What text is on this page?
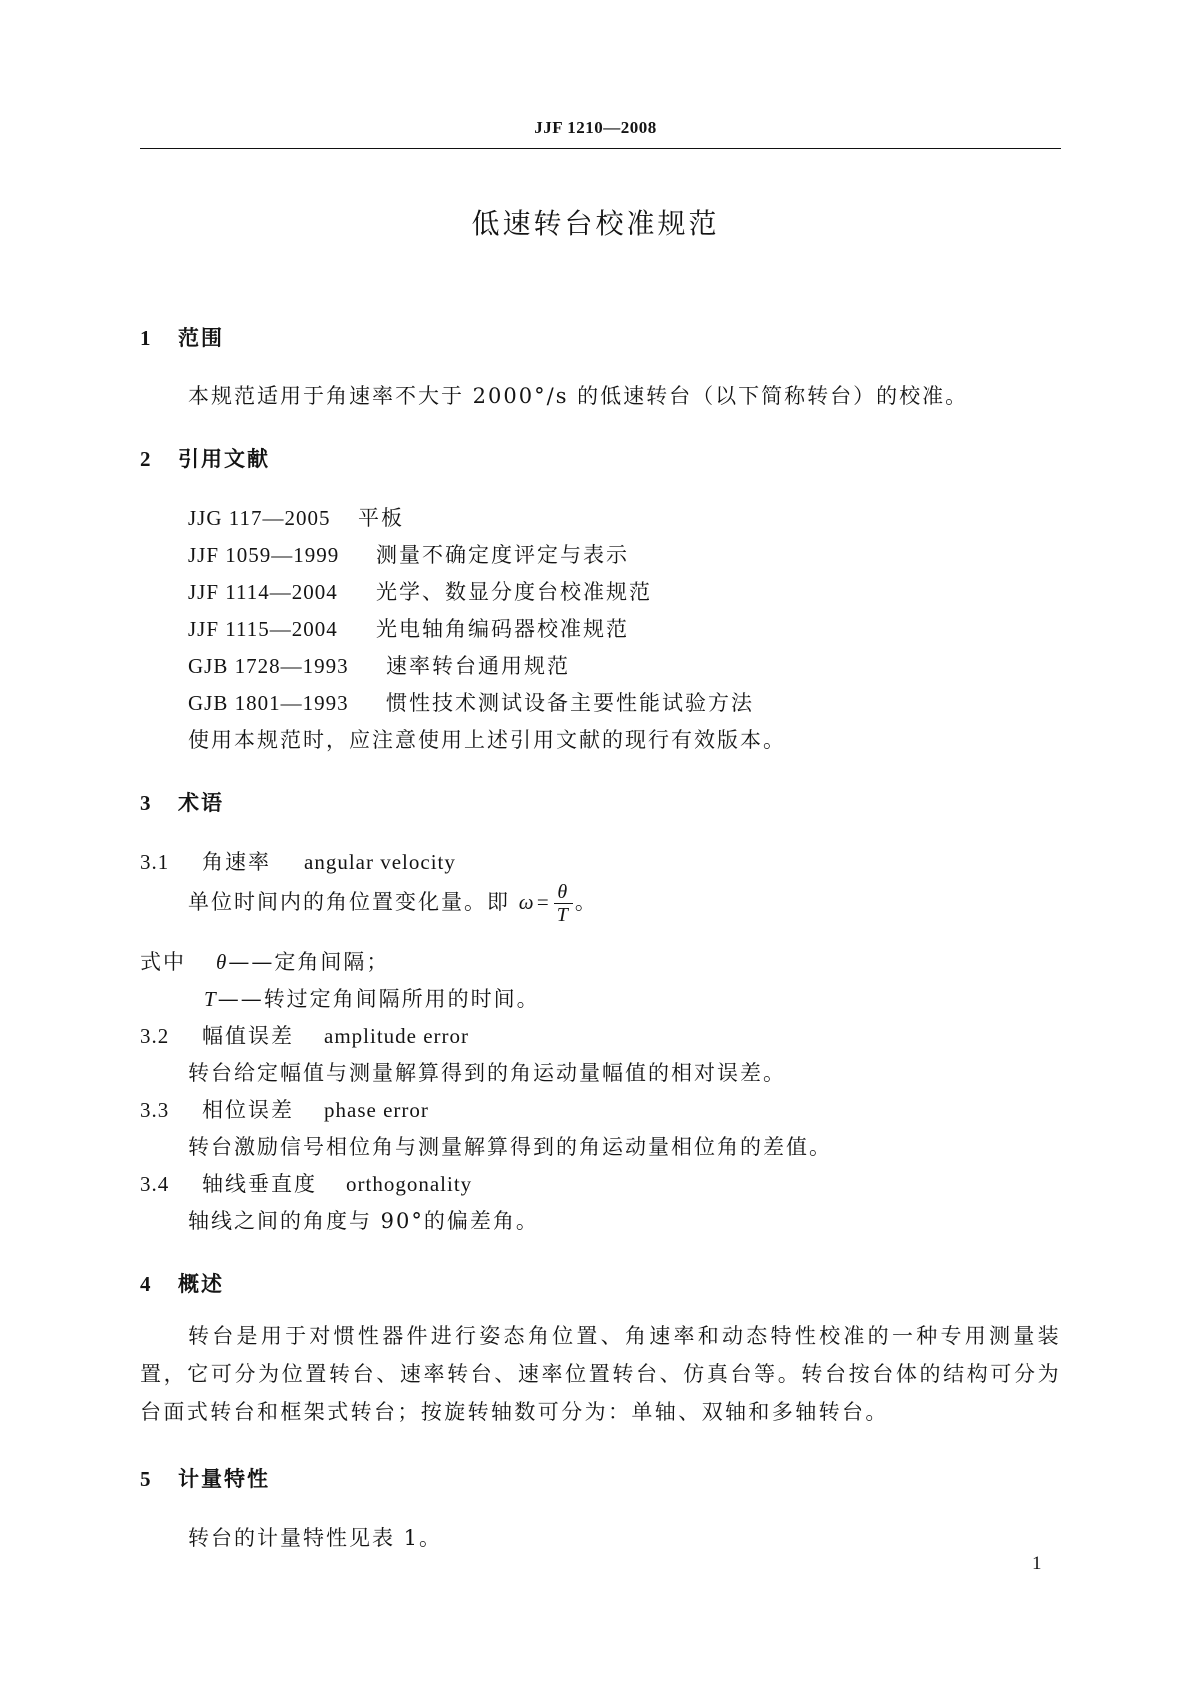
JJF 1210—2008
低速转台校准规范
1 范围
本规范适用于角速率不大于 2000°/s 的低速转台（以下简称转台）的校准。
2 引用文献
JJG 117—2005 平板
JJF 1059—1999 测量不确定度评定与表示
JJF 1114—2004 光学、数显分度台校准规范
JJF 1115—2004 光电轴角编码器校准规范
GJB 1728—1993 速率转台通用规范
GJB 1801—1993 惯性技术测试设备主要性能试验方法
使用本规范时，应注意使用上述引用文献的现行有效版本。
3 术语
3.1 角速率 angular velocity
单位时间内的角位置变化量。即 $\omega= \frac{\theta}{T}$ 。
式中 θ——定角间隔；
T——转过定角间隔所用的时间。
3.2 幅值误差 amplitude error
转台给定幅值与测量解算得到的角运动量幅值的相对误差。
3.3 相位误差 phase error
转台激励信号相位角与测量解算得到的角运动量相位角的差值。
3.4 轴线垂直度 orthogonality
轴线之间的角度与 90°的偏差角。
4 概述
转台是用于对惯性器件进行姿态角位置、角速率和动态特性校准的一种专用测量装置，它可分为位置转台、速率转台、速率位置转台、仿真台等。转台按台体的结构可分为台面式转台和框架式转台；按旋转轴数可分为：单轴、双轴和多轴转台。
5 计量特性
转台的计量特性见表 1。
1
